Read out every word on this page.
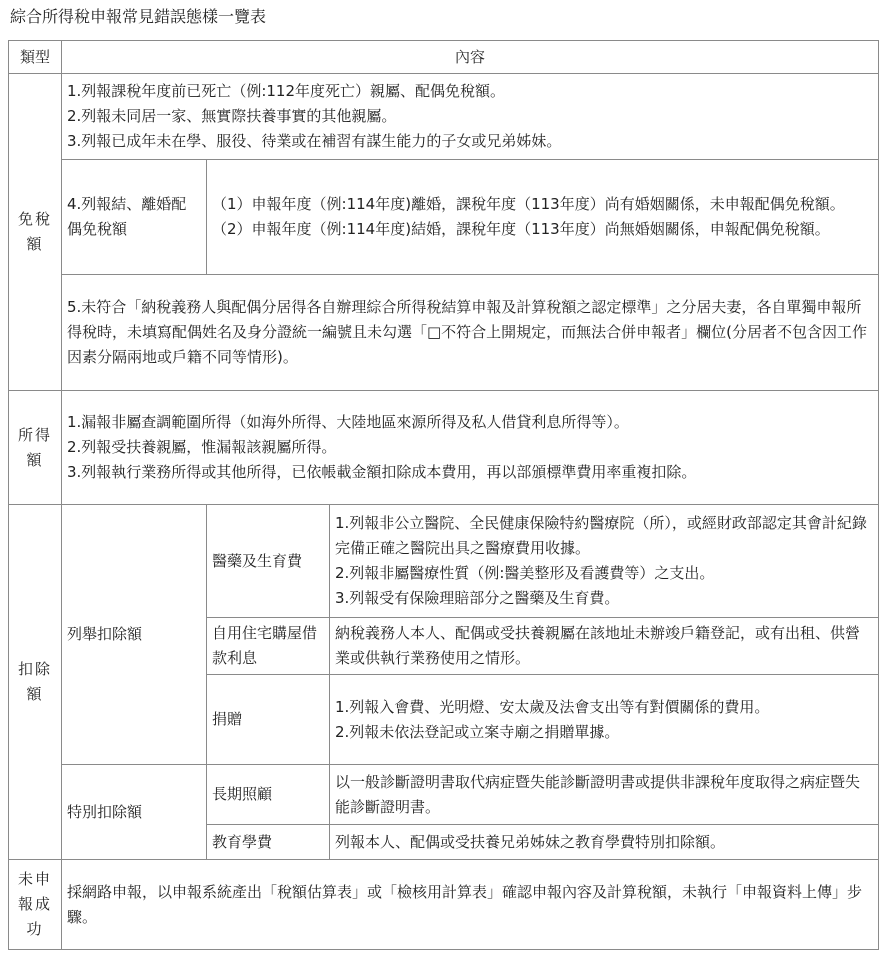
綜合所得稅申報常見錯誤態樣一覽表
類型	內容		
免稅額	1.列報課稅年度前已死亡（例:112年度死亡）親屬、配偶免稅額。
2.列報未同居一家、無實際扶養事實的其他親屬。
3.列報已成年未在學、服役、待業或在補習有謀生能力的子女或兄弟姊妹。		

	4.列報結、離婚配偶免稅額	（1）申報年度（例:114年度)離婚，課稅年度（113年度）尚有婚姻關係，未申報配偶免稅額。
（2）申報年度（例:114年度)結婚，課稅年度（113年度）尚無婚姻關係，申報配偶免稅額。	

	5.未符合「納稅義務人與配偶分居得各自辦理綜合所得稅結算申報及計算稅額之認定標準」之分居夫妻，各自單獨申報所得稅時，未填寫配偶姓名及身分證統一編號且未勾選「□不符合上開規定，而無法合併申報者」欄位(分居者不包含因工作因素分隔兩地或戶籍不同等情形)。		
所得額	1.漏報非屬查調範圍所得（如海外所得、大陸地區來源所得及私人借貸利息所得等）。
2.列報受扶養親屬，惟漏報該親屬所得。
3.列報執行業務所得或其他所得，已依帳載金額扣除成本費用，再以部頒標準費用率重複扣除。		

扣除額	列舉扣除額	醫藥及生育費	1.列報非公立醫院、全民健康保險特約醫療院（所），或經財政部認定其會計紀錄完備正確之醫院出具之醫療費用收據。
2.列報非屬醫療性質（例:醫美整形及看護費等）之支出。
3.列報受有保險理賠部分之醫藥及生育費。

		自用住宅購屋借款利息	納稅義務人本人、配偶或受扶養親屬在該地址未辦竣戶籍登記，或有出租、供營業或供執行業務使用之情形。
		捐贈	1.列報入會費、光明燈、安太歲及法會支出等有對價關係的費用。
2.列報未依法登記或立案寺廟之捐贈單據。

	特別扣除額	長期照顧	以一般診斷證明書取代病症暨失能診斷證明書或提供非課稅年度取得之病症暨失能診斷證明書。
		教育學費	列報本人、配偶或受扶養兄弟姊妹之教育學費特別扣除額。
未申報成功	採網路申報，以申報系統產出「稅額估算表」或「檢核用計算表」確認申報內容及計算稅額，未執行「申報資料上傳」步驟。		
